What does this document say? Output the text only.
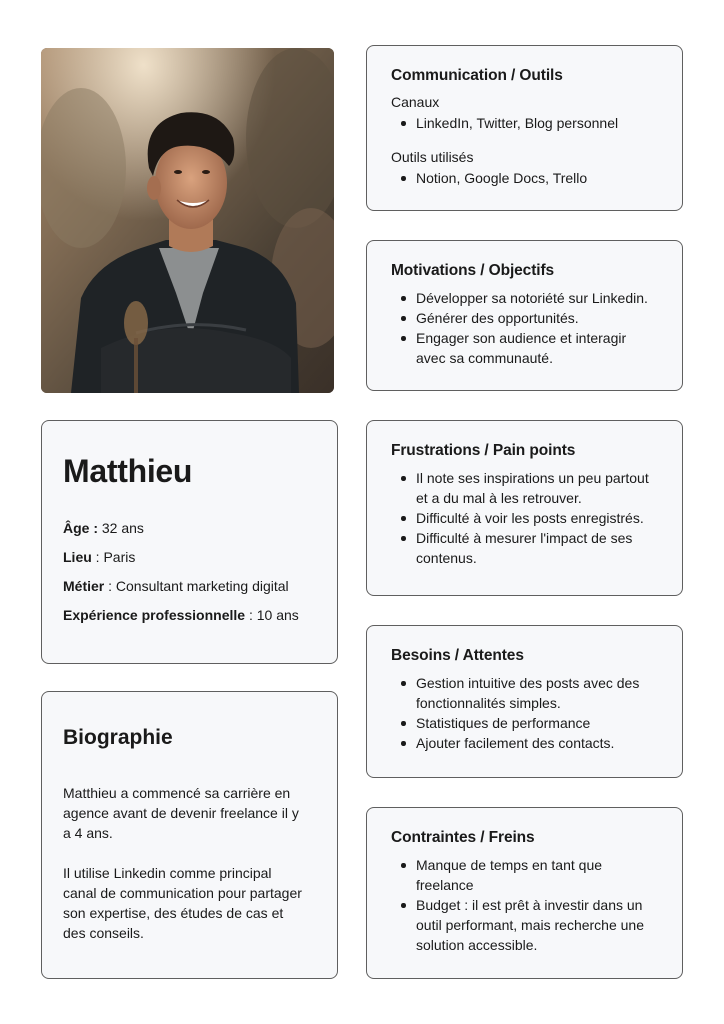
Matthieu
Âge : 32 ans
Lieu : Paris
Métier : Consultant marketing digital
Expérience professionnelle : 10 ans
Biographie

Matthieu a commencé sa carrière en agence avant de devenir freelance il y a 4 ans.

Il utilise Linkedin comme principal canal de communication pour partager son expertise, des études de cas et des conseils.

Communication / Outils
Canaux
LinkedIn, Twitter, Blog personnel
Outils utilisés
Notion, Google Docs, Trello
Motivations / Objectifs
Développer sa notoriété sur Linkedin.
Générer des opportunités.
Engager son audience et interagir avec sa communauté.
Frustrations / Pain points
Il note ses inspirations un peu partout et a du mal à les retrouver.
Difficulté à voir les posts enregistrés.
Difficulté à mesurer l'impact de ses contenus.
Besoins / Attentes
Gestion intuitive des posts avec des fonctionnalités simples.
Statistiques de performance
Ajouter facilement des contacts.
Contraintes / Freins
Manque de temps en tant que freelance
Budget : il est prêt à investir dans un outil performant, mais recherche une solution accessible.
